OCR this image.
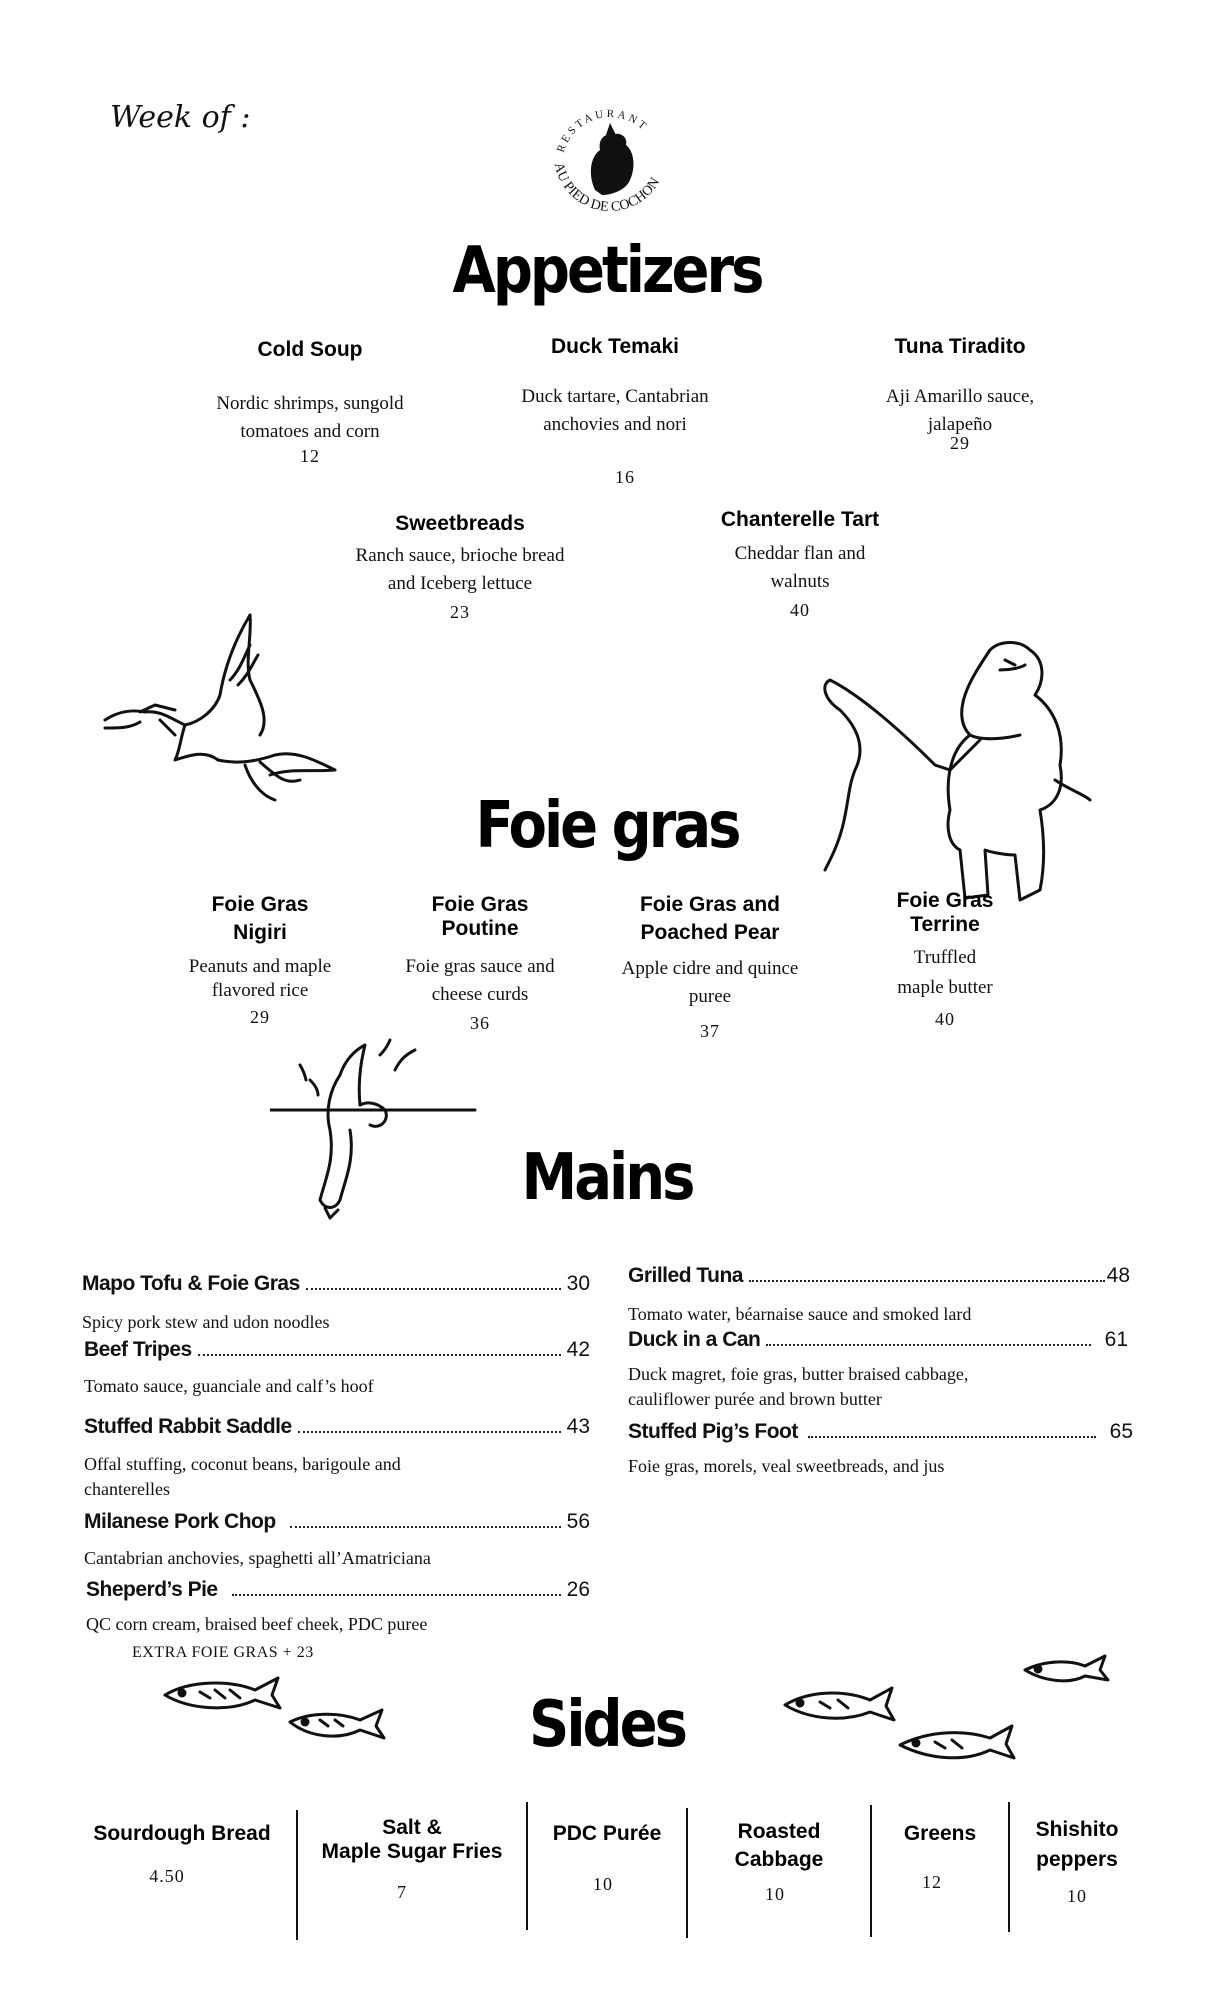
Week of :
RESTAURANT
AU PIED DE COCHON
Appetizers
Cold Soup
Nordic shrimps, sungold
tomatoes and corn
12
Duck Temaki
Duck tartare, Cantabrian
anchovies and nori
16
Tuna Tiradito
Aji Amarillo sauce,
jalapeño
29
Sweetbreads
Ranch sauce, brioche bread
and Iceberg lettuce
23
Chanterelle Tart
Cheddar flan and
walnuts
40
Foie gras
Foie Gras
Nigiri
Peanuts and maple
flavored rice
29
Foie Gras
Poutine
Foie gras sauce and
cheese curds
36
Foie Gras and
Poached Pear
Apple cidre and quince
puree
37
Foie Gras
Terrine
Truffled
maple butter
40
Mains
Mapo Tofu & Foie Gras	30
Spicy pork stew and udon noodles
Beef Tripes	42
Tomato sauce, guanciale and calf’s hoof
Stuffed Rabbit Saddle	43
Offal stuffing, coconut beans, barigoule and
chanterelles
Milanese Pork Chop	56
Cantabrian anchovies, spaghetti all’Amatriciana
Sheperd’s Pie	26
QC corn cream, braised beef cheek, PDC puree
EXTRA FOIE GRAS + 23
Grilled Tuna	48
Tomato water, béarnaise sauce and smoked lard
Duck in a Can	61
Duck magret, foie gras, butter braised cabbage,
cauliflower purée and brown butter
Stuffed Pig’s Foot	65
Foie gras, morels, veal sweetbreads, and jus
Sides
Sourdough Bread
4.50
Salt &
Maple Sugar Fries
7
PDC Purée
10
Roasted
Cabbage
10
Greens
12
Shishito
peppers
10
